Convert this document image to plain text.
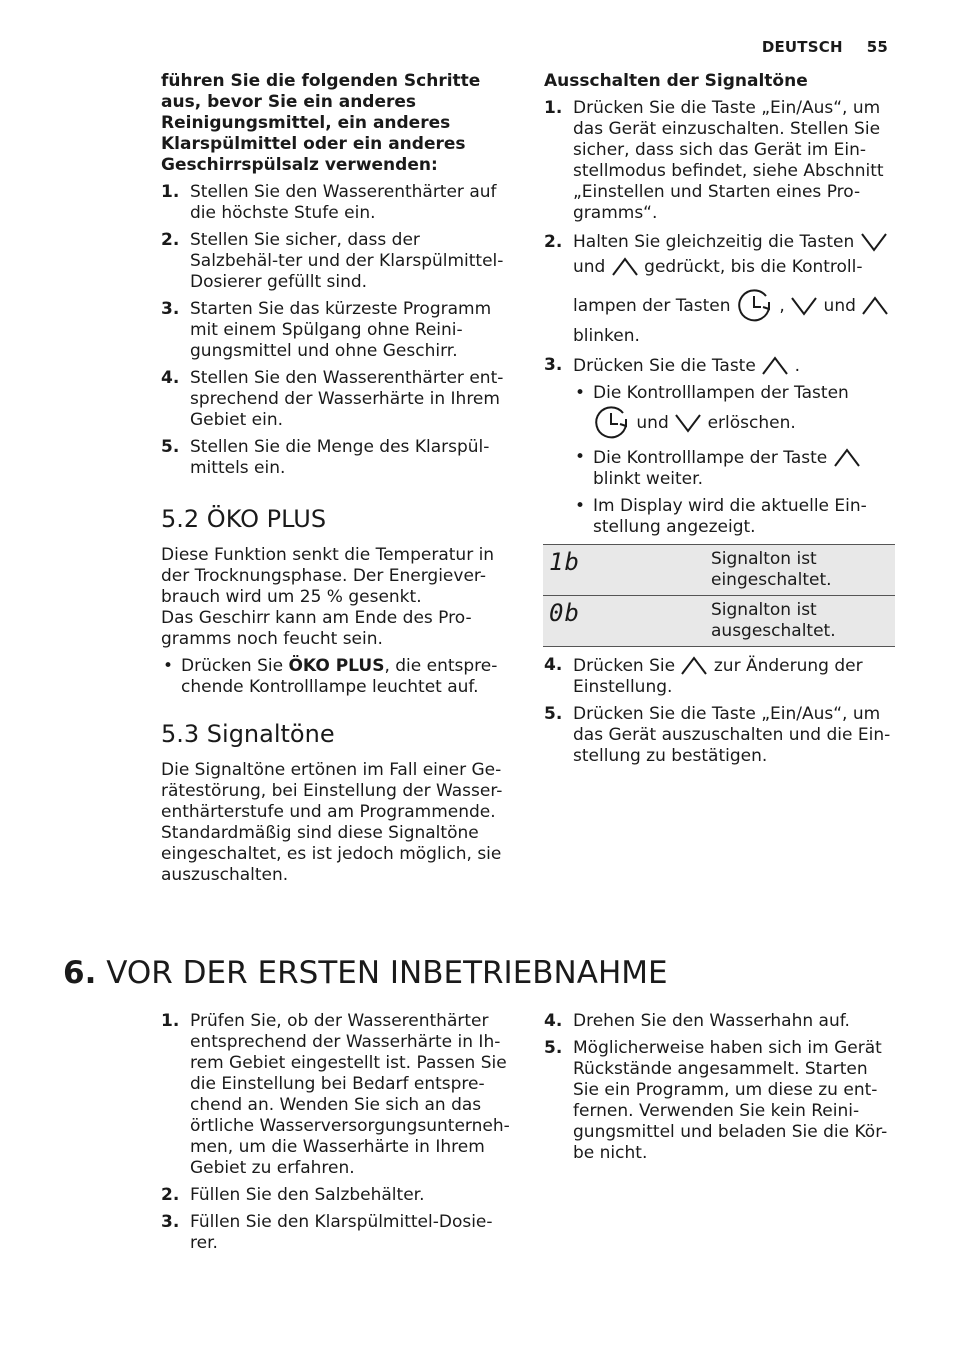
DEUTSCH 55

führen Sie die folgenden Schritte aus, bevor Sie ein anderes Reinigungsmittel, ein anderes Klarspülmittel oder ein anderes Geschirrspülsalz verwenden:

1. Stellen Sie den Wasserenthärter auf die höchste Stufe ein.
2. Stellen Sie sicher, dass der Salzbehäl-ter und der Klarspülmittel-Dosierer gefüllt sind.
3. Starten Sie das kürzeste Programm mit einem Spülgang ohne Reini-gungsmittel und ohne Geschirr.
4. Stellen Sie den Wasserenthärter ent-sprechend der Wasserhärte in Ihrem Gebiet ein.
5. Stellen Sie die Menge des Klarspül-mittels ein.
5.2 ÖKO PLUS

Diese Funktion senkt die Temperatur in der Trocknungsphase. Der Energiever-brauch wird um 25 % gesenkt.

Das Geschirr kann am Ende des Pro-gramms noch feucht sein.

• Drücken Sie ÖKO PLUS, die entspre-chende Kontrolllampe leuchtet auf.
5.3 Signaltöne

Die Signaltöne ertönen im Fall einer Ge-rätestörung, bei Einstellung der Wasser-enthärterstufe und am Programmende. Standardmäßig sind diese Signaltöne eingeschaltet, es ist jedoch möglich, sie auszuschalten.

Ausschalten der Signaltöne

1. Drücken Sie die Taste „Ein/Aus“, um das Gerät einzuschalten. Stellen Sie sicher, dass sich das Gerät im Ein-stellmodus befindet, siehe Abschnitt „Einstellen und Starten eines Pro-gramms“.
2. Halten Sie gleichzeitig die Tasten
und gedrückt, bis die Kontroll-
lampen der Tasten	, und
blinken.
3. Drücken Sie die Taste .
• Die Kontrolllampen der Tasten
und erlöschen.
• Die Kontrolllampe der Taste
blinkt weiter.
• Im Display wird die aktuelle Ein-stellung angezeigt.
1b	Signalton ist eingeschaltet.
0b	Signalton ist ausgeschaltet.
4. Drücken Sie zur Änderung der Einstellung.
5. Drücken Sie die Taste „Ein/Aus“, um das Gerät auszuschalten und die Ein-stellung zu bestätigen.
6. VOR DER ERSTEN INBETRIEBNAHME
1. Prüfen Sie, ob der Wasserenthärter entsprechend der Wasserhärte in Ih-rem Gebiet eingestellt ist. Passen Sie die Einstellung bei Bedarf entspre-chend an. Wenden Sie sich an das örtliche Wasserversorgungsunterneh-men, um die Wasserhärte in Ihrem Gebiet zu erfahren.
2. Füllen Sie den Salzbehälter.
3. Füllen Sie den Klarspülmittel-Dosie-rer.
4. Drehen Sie den Wasserhahn auf.
5. Möglicherweise haben sich im Gerät Rückstände angesammelt. Starten Sie ein Programm, um diese zu ent-fernen. Verwenden Sie kein Reini-gungsmittel und beladen Sie die Kör-be nicht.
